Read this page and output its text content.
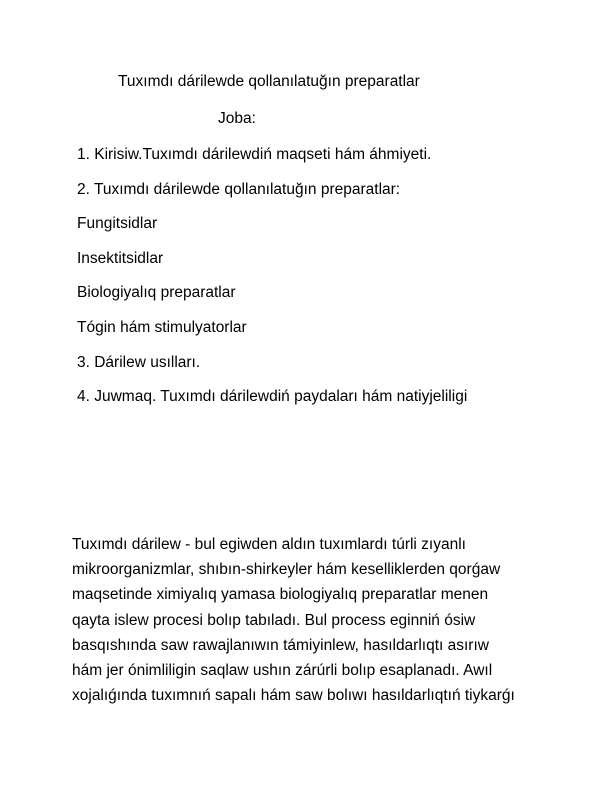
Tuxımdı dárilewde qollanılatuğın preparatlar
Joba:
1. Kirisiw.Tuxımdı dárilewdiń maqseti hám áhmiyeti.
2. Tuxımdı dárilewde qollanılatuğın preparatlar:
Fungitsidlar
Insektitsidlar
Biologiyalıq preparatlar
Tógin hám stimulyatorlar
3. Dárilew usılları.
4. Juwmaq. Tuxımdı dárilewdiń paydaları hám natiyjeliligi

Tuxımdı dárilew - bul egiwden aldın tuxımlardı túrli zıyanlı
mikroorganizmlar, shıbın-shirkeyler hám keselliklerden qorǵaw
maqsetinde ximiyalıq yamasa biologiyalıq preparatlar menen
qayta islew procesi bolıp tabıladı. Bul process eginniń ósiw
basqıshında saw rawajlanıwın támiyinlew, hasıldarlıqtı asırıw
hám jer ónimliligin saqlaw ushın zárúrli bolıp esaplanadı. Awıl
xojalıǵında tuxımnıń sapalı hám saw bolıwı hasıldarlıqtıń tiykarǵı
